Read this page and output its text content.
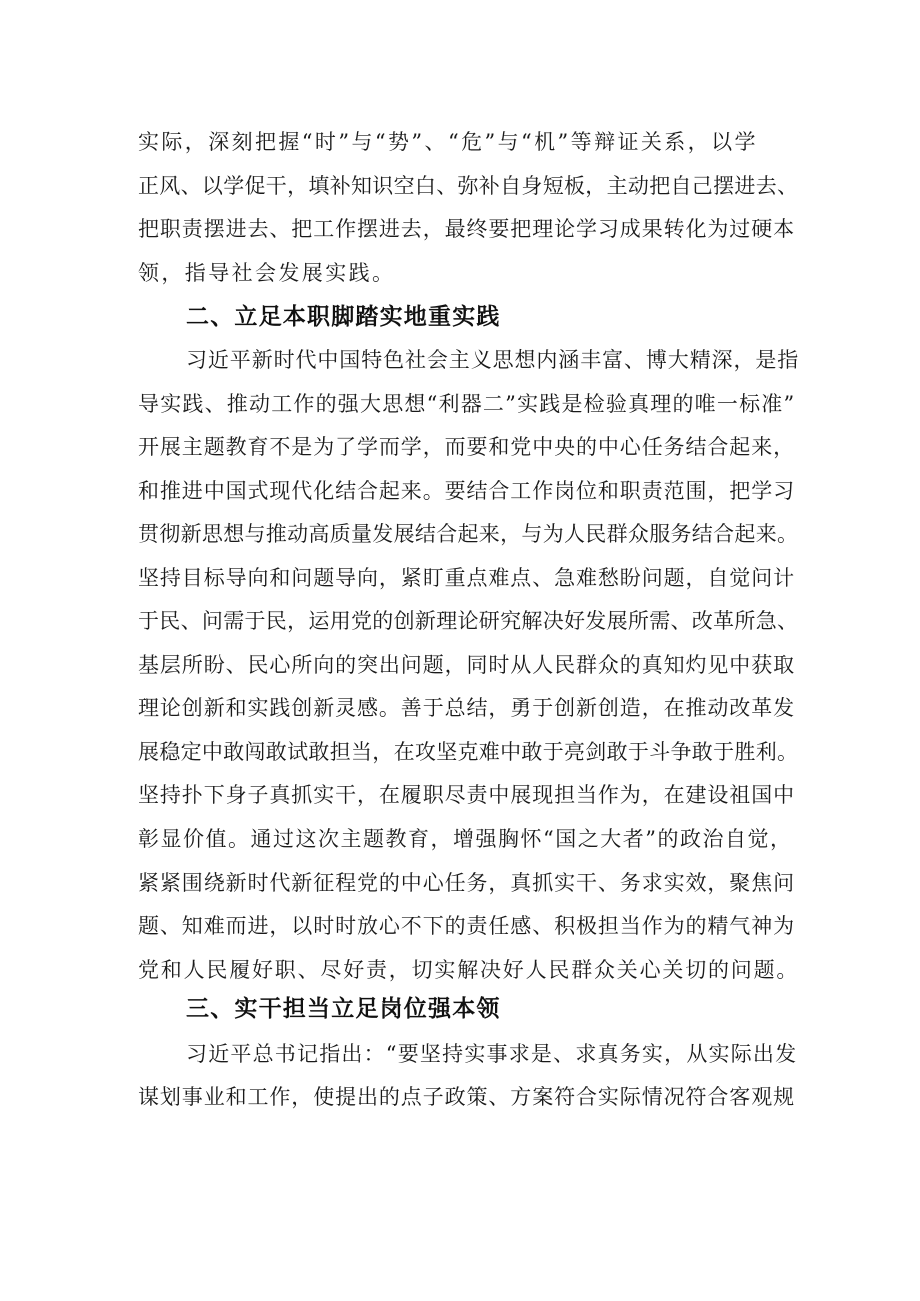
实际，深刻把握“时”与“势”、“危”与“机”等辩证关系，以学
正风、以学促干，填补知识空白、弥补自身短板，主动把自己摆进去、
把职责摆进去、把工作摆进去，最终要把理论学习成果转化为过硬本
领，指导社会发展实践。
二、立足本职脚踏实地重实践
习近平新时代中国特色社会主义思想内涵丰富、博大精深，是指
导实践、推动工作的强大思想“利器二”实践是检验真理的唯一标准”
开展主题教育不是为了学而学，而要和党中央的中心任务结合起来，
和推进中国式现代化结合起来。要结合工作岗位和职责范围，把学习
贯彻新思想与推动高质量发展结合起来，与为人民群众服务结合起来。
坚持目标导向和问题导向，紧盯重点难点、急难愁盼问题，自觉问计
于民、问需于民，运用党的创新理论研究解决好发展所需、改革所急、
基层所盼、民心所向的突出问题，同时从人民群众的真知灼见中获取
理论创新和实践创新灵感。善于总结，勇于创新创造，在推动改革发
展稳定中敢闯敢试敢担当，在攻坚克难中敢于亮剑敢于斗争敢于胜利。
坚持扑下身子真抓实干，在履职尽责中展现担当作为，在建设祖国中
彰显价值。通过这次主题教育，增强胸怀“国之大者”的政治自觉，
紧紧围绕新时代新征程党的中心任务，真抓实干、务求实效，聚焦问
题、知难而进，以时时放心不下的责任感、积极担当作为的精气神为
党和人民履好职、尽好责，切实解决好人民群众关心关切的问题。
三、实干担当立足岗位强本领
习近平总书记指出：“要坚持实事求是、求真务实，从实际出发
谋划事业和工作，使提出的点子政策、方案符合实际情况符合客观规
